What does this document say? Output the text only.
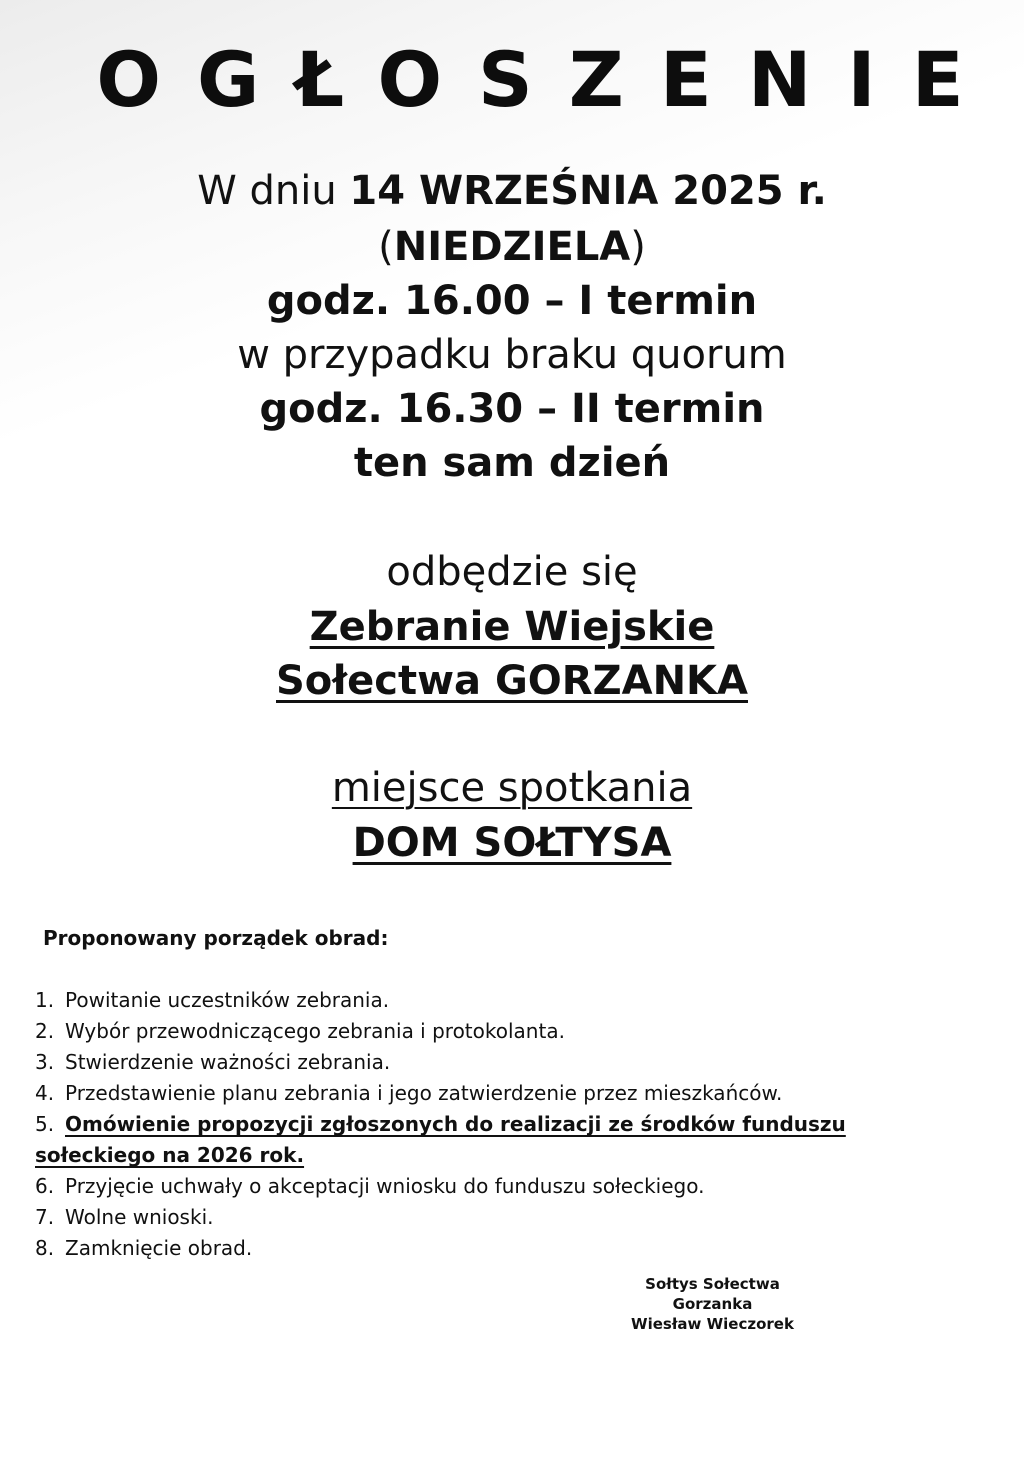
OGŁOSZENIE
W dniu 14 WRZEŚNIA 2025 r.
(NIEDZIELA)
godz. 16.00 – I termin
w przypadku braku quorum
godz. 16.30 – II termin
ten sam dzień
odbędzie się
Zebranie Wiejskie
Sołectwa GORZANKA
miejsce spotkania
DOM SOŁTYSA
Proponowany porządek obrad:
1. Powitanie uczestników zebrania.
2. Wybór przewodniczącego zebrania i protokolanta.
3. Stwierdzenie ważności zebrania.
4. Przedstawienie planu zebrania i jego zatwierdzenie przez mieszkańców.
5. Omówienie propozycji zgłoszonych do realizacji ze środków funduszu sołeckiego na 2026 rok.
6. Przyjęcie uchwały o akceptacji wniosku do funduszu sołeckiego.
7. Wolne wnioski.
8. Zamknięcie obrad.
Sołtys Sołectwa
Gorzanka
Wiesław Wieczorek
